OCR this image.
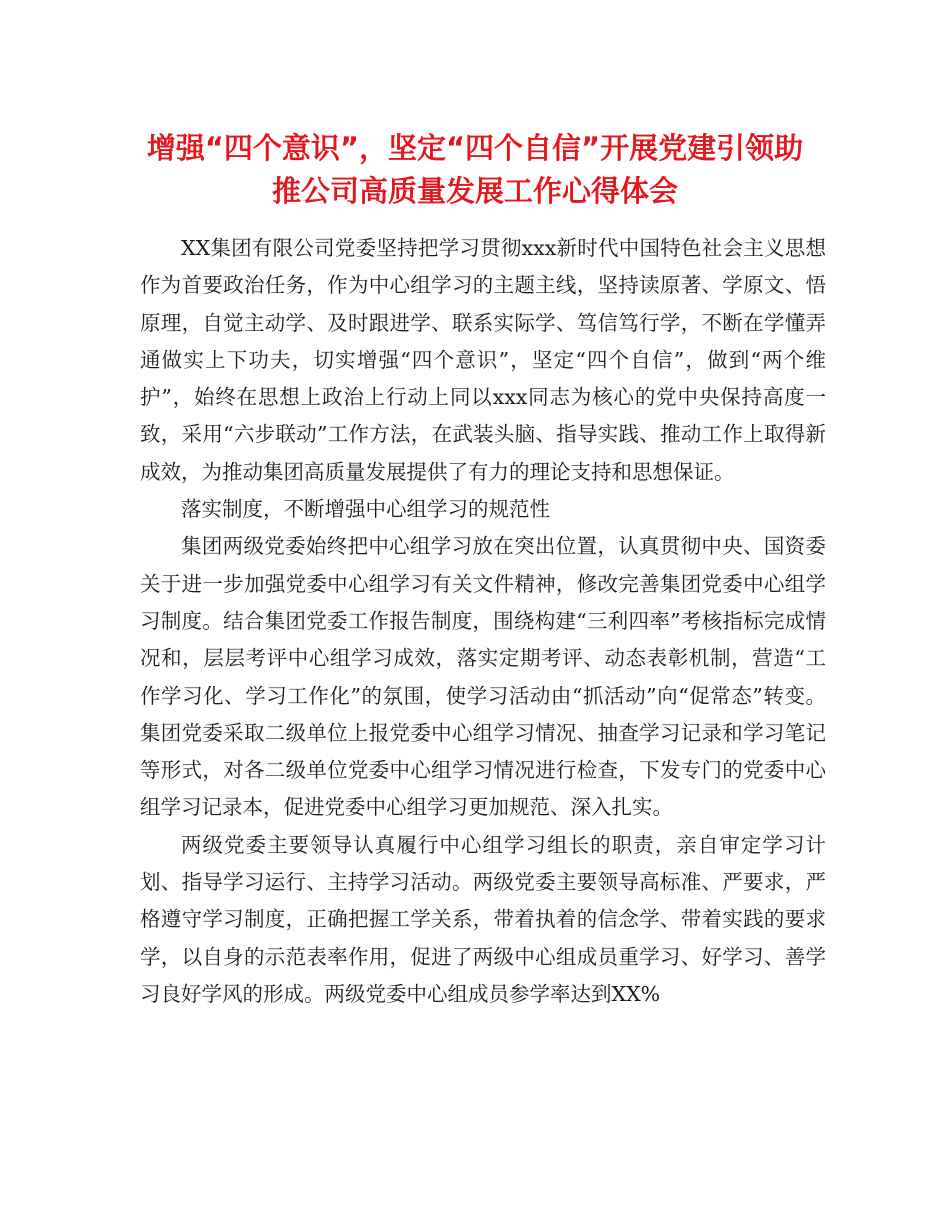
增强“四个意识”，坚定“四个自信”开展党建引领助
推公司高质量发展工作心得体会

XX集团有限公司党委坚持把学习贯彻xxx新时代中国特色社会主义思想作为首要政治任务，作为中心组学习的主题主线，坚持读原著、学原文、悟原理，自觉主动学、及时跟进学、联系实际学、笃信笃行学，不断在学懂弄通做实上下功夫，切实增强“四个意识”，坚定“四个自信”，做到“两个维护”，始终在思想上政治上行动上同以xxx同志为核心的党中央保持高度一致，采用“六步联动”工作方法，在武装头脑、指导实践、推动工作上取得新成效，为推动集团高质量发展提供了有力的理论支持和思想保证。

落实制度，不断增强中心组学习的规范性

集团两级党委始终把中心组学习放在突出位置，认真贯彻中央、国资委关于进一步加强党委中心组学习有关文件精神，修改完善集团党委中心组学习制度。结合集团党委工作报告制度，围绕构建“三利四率”考核指标完成情况和，层层考评中心组学习成效，落实定期考评、动态表彰机制，营造“工作学习化、学习工作化”的氛围，使学习活动由“抓活动”向“促常态”转变。集团党委采取二级单位上报党委中心组学习情况、抽查学习记录和学习笔记等形式，对各二级单位党委中心组学习情况进行检查，下发专门的党委中心组学习记录本，促进党委中心组学习更加规范、深入扎实。

两级党委主要领导认真履行中心组学习组长的职责，亲自审定学习计划、指导学习运行、主持学习活动。两级党委主要领导高标准、严要求，严格遵守学习制度，正确把握工学关系，带着执着的信念学、带着实践的要求学，以自身的示范表率作用，促进了两级中心组成员重学习、好学习、善学习良好学风的形成。两级党委中心组成员参学率达到XX%
